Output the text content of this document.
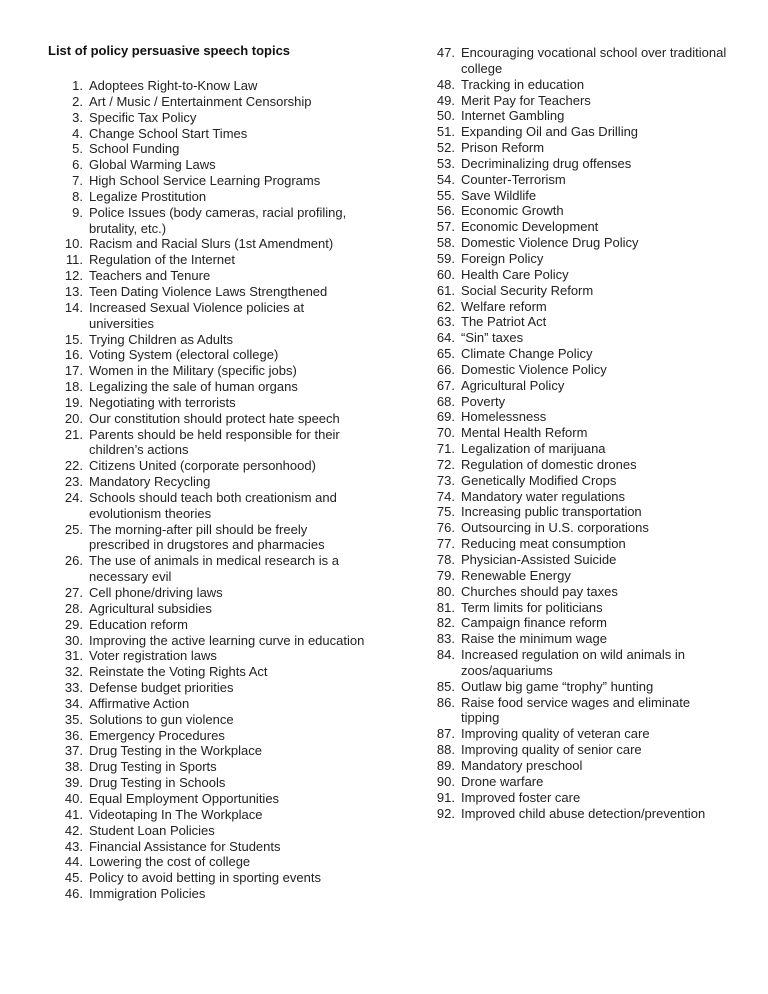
List of policy persuasive speech topics
1. Adoptees Right-to-Know Law
2. Art / Music / Entertainment Censorship
3. Specific Tax Policy
4. Change School Start Times
5. School Funding
6. Global Warming Laws
7. High School Service Learning Programs
8. Legalize Prostitution
9. Police Issues (body cameras, racial profiling, brutality, etc.)
10. Racism and Racial Slurs (1st Amendment)
11. Regulation of the Internet
12. Teachers and Tenure
13. Teen Dating Violence Laws Strengthened
14. Increased Sexual Violence policies at universities
15. Trying Children as Adults
16. Voting System (electoral college)
17. Women in the Military (specific jobs)
18. Legalizing the sale of human organs
19. Negotiating with terrorists
20. Our constitution should protect hate speech
21. Parents should be held responsible for their children’s actions
22. Citizens United (corporate personhood)
23. Mandatory Recycling
24. Schools should teach both creationism and evolutionism theories
25. The morning-after pill should be freely prescribed in drugstores and pharmacies
26. The use of animals in medical research is a necessary evil
27. Cell phone/driving laws
28. Agricultural subsidies
29. Education reform
30. Improving the active learning curve in education
31. Voter registration laws
32. Reinstate the Voting Rights Act
33. Defense budget priorities
34. Affirmative Action
35. Solutions to gun violence
36. Emergency Procedures
37. Drug Testing in the Workplace
38. Drug Testing in Sports
39. Drug Testing in Schools
40. Equal Employment Opportunities
41. Videotaping In The Workplace
42. Student Loan Policies
43. Financial Assistance for Students
44. Lowering the cost of college
45. Policy to avoid betting in sporting events
46. Immigration Policies
47. Encouraging vocational school over traditional college
48. Tracking in education
49. Merit Pay for Teachers
50. Internet Gambling
51. Expanding Oil and Gas Drilling
52. Prison Reform
53. Decriminalizing drug offenses
54. Counter-Terrorism
55. Save Wildlife
56. Economic Growth
57. Economic Development
58. Domestic Violence Drug Policy
59. Foreign Policy
60. Health Care Policy
61. Social Security Reform
62. Welfare reform
63. The Patriot Act
64. “Sin” taxes
65. Climate Change Policy
66. Domestic Violence Policy
67. Agricultural Policy
68. Poverty
69. Homelessness
70. Mental Health Reform
71. Legalization of marijuana
72. Regulation of domestic drones
73. Genetically Modified Crops
74. Mandatory water regulations
75. Increasing public transportation
76. Outsourcing in U.S. corporations
77. Reducing meat consumption
78. Physician-Assisted Suicide
79. Renewable Energy
80. Churches should pay taxes
81. Term limits for politicians
82. Campaign finance reform
83. Raise the minimum wage
84. Increased regulation on wild animals in zoos/aquariums
85. Outlaw big game “trophy” hunting
86. Raise food service wages and eliminate tipping
87. Improving quality of veteran care
88. Improving quality of senior care
89. Mandatory preschool
90. Drone warfare
91. Improved foster care
92. Improved child abuse detection/prevention
